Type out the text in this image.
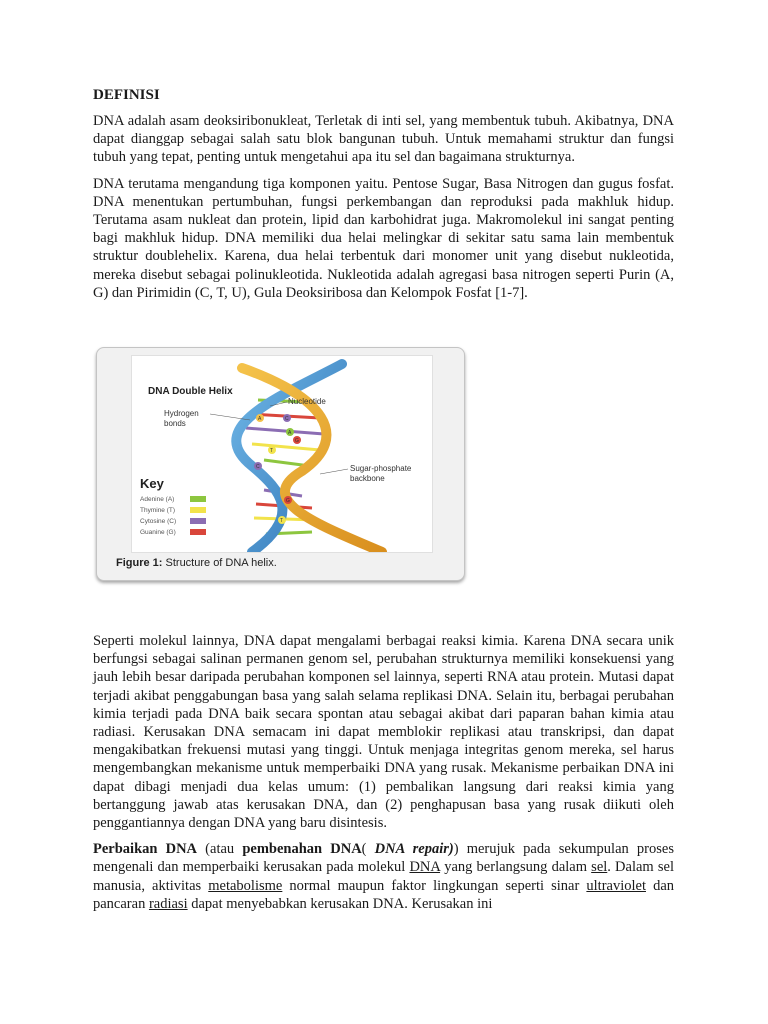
DEFINISI

DNA adalah asam deoksiribonukleat, Terletak di inti sel, yang membentuk tubuh. Akibatnya, DNA dapat dianggap sebagai salah satu blok bangunan tubuh. Untuk memahami struktur dan fungsi tubuh yang tepat, penting untuk mengetahui apa itu sel dan bagaimana strukturnya.

DNA terutama mengandung tiga komponen yaitu. Pentose Sugar, Basa Nitrogen dan gugus fosfat. DNA menentukan pertumbuhan, fungsi perkembangan dan reproduksi pada makhluk hidup. Terutama asam nukleat dan protein, lipid dan karbohidrat juga. Makromolekul ini sangat penting bagi makhluk hidup. DNA memiliki dua helai melingkar di sekitar satu sama lain membentuk struktur doublehelix. Karena, dua helai terbentuk dari monomer unit yang disebut nukleotida, mereka disebut sebagai polinukleotida. Nukleotida adalah agregasi basa nitrogen seperti Purin (A, G) dan Pirimidin (C, T, U), Gula Deoksiribosa dan Kelompok Fosfat [1-7].

DNA Double Helix
A	C
A
T
G
C
G
T
Hydrogen
bonds
Nucleotide
Sugar-phosphate
backbone
Key
Adenine (A)
Thymine (T)
Cytosine (C)
Guanine (G)
Figure 1: Structure of DNA helix.

Seperti molekul lainnya, DNA dapat mengalami berbagai reaksi kimia. Karena DNA secara unik berfungsi sebagai salinan permanen genom sel, perubahan strukturnya memiliki konsekuensi yang jauh lebih besar daripada perubahan komponen sel lainnya, seperti RNA atau protein. Mutasi dapat terjadi akibat penggabungan basa yang salah selama replikasi DNA. Selain itu, berbagai perubahan kimia terjadi pada DNA baik secara spontan atau sebagai akibat dari paparan bahan kimia atau radiasi. Kerusakan DNA semacam ini dapat memblokir replikasi atau transkripsi, dan dapat mengakibatkan frekuensi mutasi yang tinggi. Untuk menjaga integritas genom mereka, sel harus mengembangkan mekanisme untuk memperbaiki DNA yang rusak. Mekanisme perbaikan DNA ini dapat dibagi menjadi dua kelas umum: (1) pembalikan langsung dari reaksi kimia yang bertanggung jawab atas kerusakan DNA, dan (2) penghapusan basa yang rusak diikuti oleh penggantiannya dengan DNA yang baru disintesis.

Perbaikan DNA (atau pembenahan DNA( DNA repair)) merujuk pada sekumpulan proses mengenali dan memperbaiki kerusakan pada molekul DNA yang berlangsung dalam sel. Dalam sel manusia, aktivitas metabolisme normal maupun faktor lingkungan seperti sinar ultraviolet dan pancaran radiasi dapat menyebabkan kerusakan DNA. Kerusakan ini
